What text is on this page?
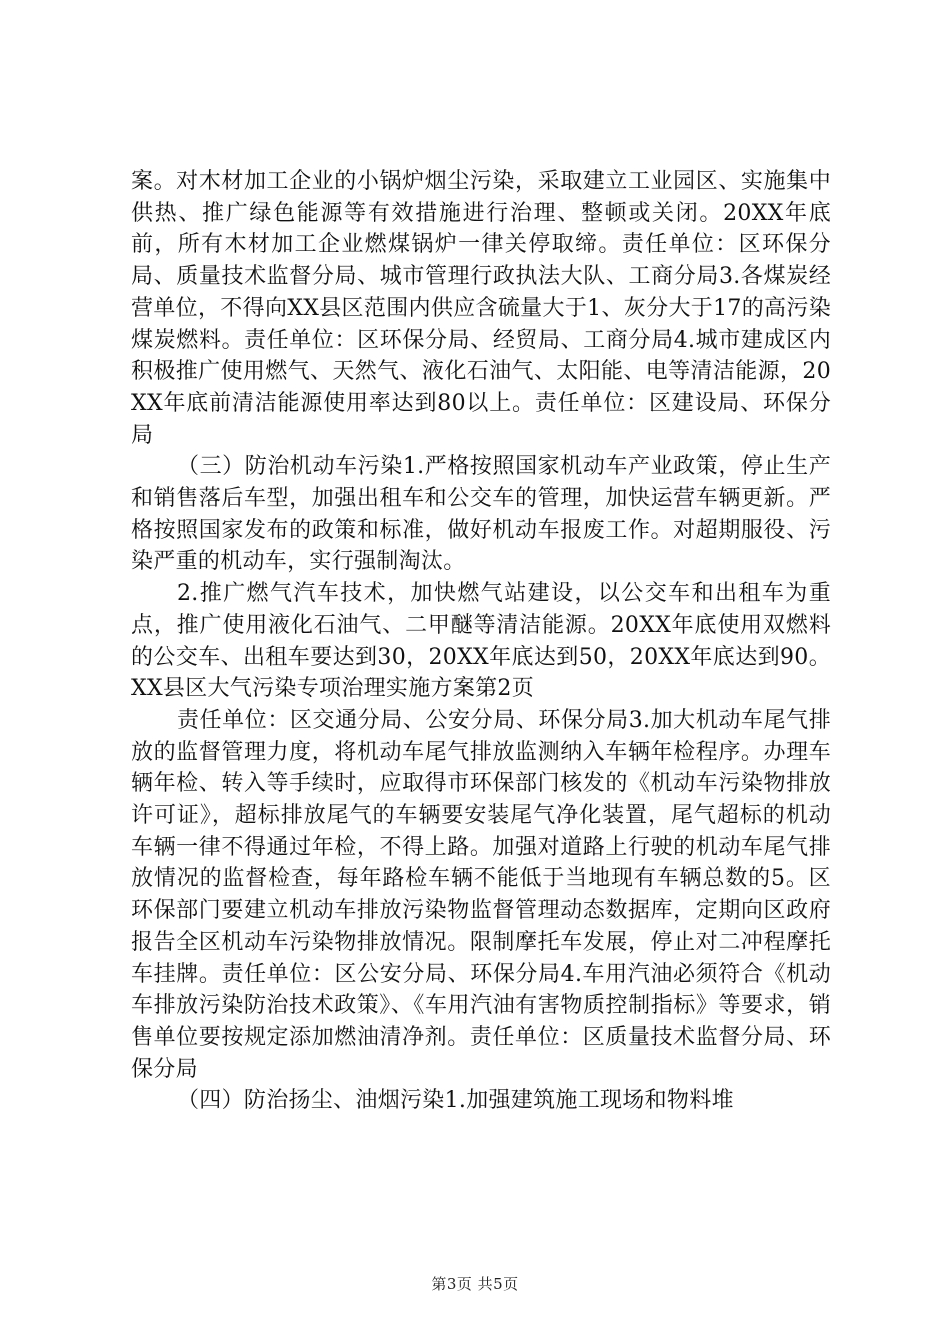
案。对木材加工企业的小锅炉烟尘污染，采取建立工业园区、实施集中供热、推广绿色能源等有效措施进行治理、整顿或关闭。20XX年底前，所有木材加工企业燃煤锅炉一律关停取缔。责任单位：区环保分局、质量技术监督分局、城市管理行政执法大队、工商分局3.各煤炭经营单位，不得向XX县区范围内供应含硫量大于1、灰分大于17的高污染煤炭燃料。责任单位：区环保分局、经贸局、工商分局4.城市建成区内积极推广使用燃气、天然气、液化石油气、太阳能、电等清洁能源，20XX年底前清洁能源使用率达到80以上。责任单位：区建设局、环保分局

（三）防治机动车污染1.严格按照国家机动车产业政策，停止生产和销售落后车型，加强出租车和公交车的管理，加快运营车辆更新。严格按照国家发布的政策和标准，做好机动车报废工作。对超期服役、污染严重的机动车，实行强制淘汰。

2.推广燃气汽车技术，加快燃气站建设，以公交车和出租车为重点，推广使用液化石油气、二甲醚等清洁能源。20XX年底使用双燃料的公交车、出租车要达到30，20XX年底达到50，20XX年底达到90。XX县区大气污染专项治理实施方案第2页

责任单位：区交通分局、公安分局、环保分局3.加大机动车尾气排放的监督管理力度，将机动车尾气排放监测纳入车辆年检程序。办理车辆年检、转入等手续时，应取得市环保部门核发的《机动车污染物排放许可证》，超标排放尾气的车辆要安装尾气净化装置，尾气超标的机动车辆一律不得通过年检，不得上路。加强对道路上行驶的机动车尾气排放情况的监督检查，每年路检车辆不能低于当地现有车辆总数的5。区环保部门要建立机动车排放污染物监督管理动态数据库，定期向区政府报告全区机动车污染物排放情况。限制摩托车发展，停止对二冲程摩托车挂牌。责任单位：区公安分局、环保分局4.车用汽油必须符合《机动车排放污染防治技术政策》、《车用汽油有害物质控制指标》等要求，销售单位要按规定添加燃油清净剂。责任单位：区质量技术监督分局、环保分局

（四）防治扬尘、油烟污染1.加强建筑施工现场和物料堆

第3页 共5页
